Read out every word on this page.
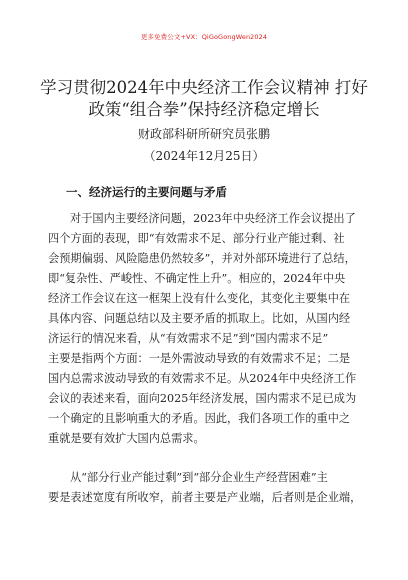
更多免费公文+VX：QiGoGongWen2024
学习贯彻2024年中央经济工作会议精神 打好
政策“组合拳”保持经济稳定增长
财政部科研所研究员张鹏
（2024年12月25日）
一、经济运行的主要问题与矛盾
对于国内主要经济问题，2023年中央经济工作会议提出了
四个方面的表现，即“有效需求不足、部分行业产能过剩、社
会预期偏弱、风险隐患仍然较多”，并对外部环境进行了总结，
即“复杂性、严峻性、不确定性上升”。相应的，2024年中央
经济工作会议在这一框架上没有什么变化，其变化主要集中在
具体内容、问题总结以及主要矛盾的抓取上。比如，从国内经
济运行的情况来看，从“有效需求不足”到“国内需求不足”
主要是指两个方面：一是外需波动导致的有效需求不足；二是
国内总需求波动导致的有效需求不足。从2024年中央经济工作
会议的表述来看，面向2025年经济发展，国内需求不足已成为
一个确定的且影响重大的矛盾。因此，我们各项工作的重中之
重就是要有效扩大国内总需求。
从“部分行业产能过剩”到“部分企业生产经营困难”主
要是表述宽度有所收窄，前者主要是产业端，后者则是企业端，
